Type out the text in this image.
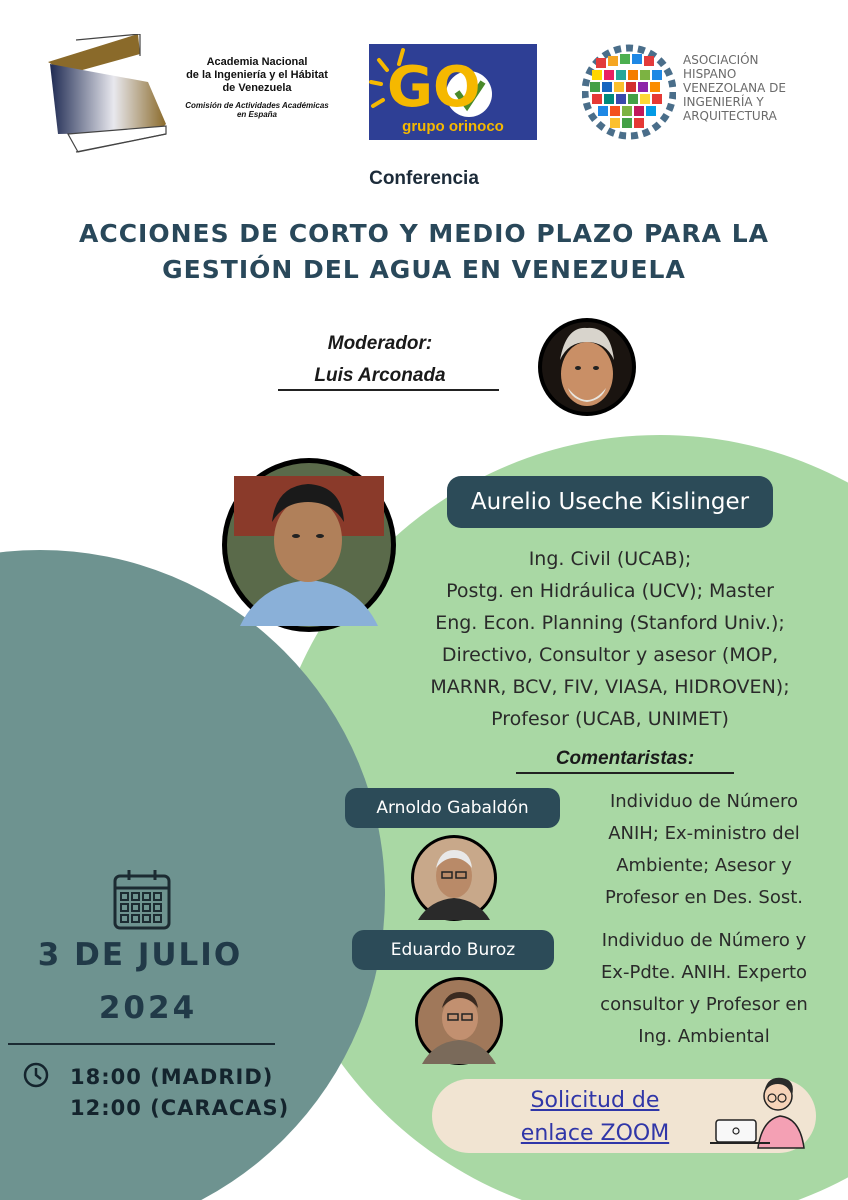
Academia Nacional
de la Ingeniería y el Hábitat
de Venezuela
Comisión de Actividades Académicas
en España	GO
grupo orinoco
ASOCIACIÓN
HISPANO
VENEZOLANA DE
INGENIERÍA Y
ARQUITECTURA
Conferencia
ACCIONES DE CORTO Y MEDIO PLAZO PARA LA
GESTIÓN DEL AGUA EN VENEZUELA
Moderador:
Luis Arconada
Aurelio Useche Kislinger
Ing. Civil (UCAB);
Postg. en Hidráulica (UCV); Master
Eng. Econ. Planning (Stanford Univ.);
Directivo, Consultor y asesor (MOP,
MARNR, BCV, FIV, VIASA, HIDROVEN);
Profesor (UCAB, UNIMET)
Comentaristas:
Arnoldo Gabaldón	Individuo de Número
ANIH; Ex-ministro del
Ambiente; Asesor y
Profesor en Des. Sost.
Eduardo Buroz	Individuo de Número y
Ex-Pdte. ANIH. Experto
consultor y Profesor en
Ing. Ambiental
3 DE JULIO
2024
18:00 (MADRID)
12:00 (CARACAS)	Solicitud de
enlace ZOOM
